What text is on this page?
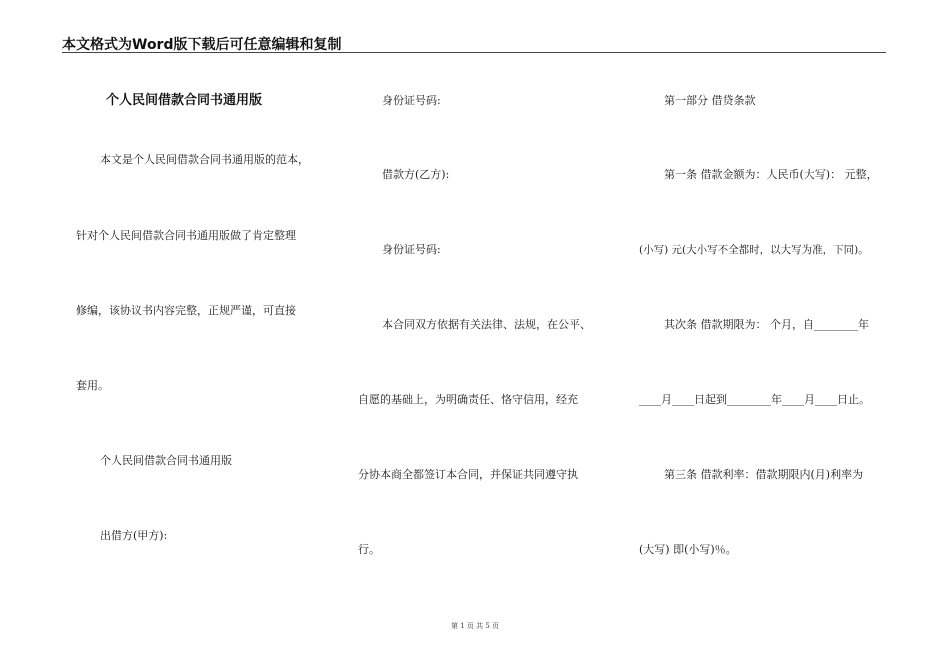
本文格式为Word版下载后可任意编辑和复制
个人民间借款合同书通用版
本文是个人民间借款合同书通用版的范本，
针对个人民间借款合同书通用版做了肯定整理
修编，该协议书内容完整，正规严谨，可直接
套用。
个人民间借款合同书通用版
出借方(甲方):
身份证号码:
借款方(乙方):
身份证号码:
本合同双方依据有关法律、法规，在公平、
自愿的基础上，为明确责任、恪守信用，经充
分协本商全都签订本合同，并保证共同遵守执
行。
第一部分 借贷条款
第一条 借款金额为：人民币(大写)： 元整，
(小写) 元(大小写不全都时，以大写为准，下同)。
其次条 借款期限为： 个月，自________年
____月____日起到________年____月____日止。
第三条 借款利率：借款期限内(月)利率为
(大写) 即(小写)％。
第 1 页 共 5 页
